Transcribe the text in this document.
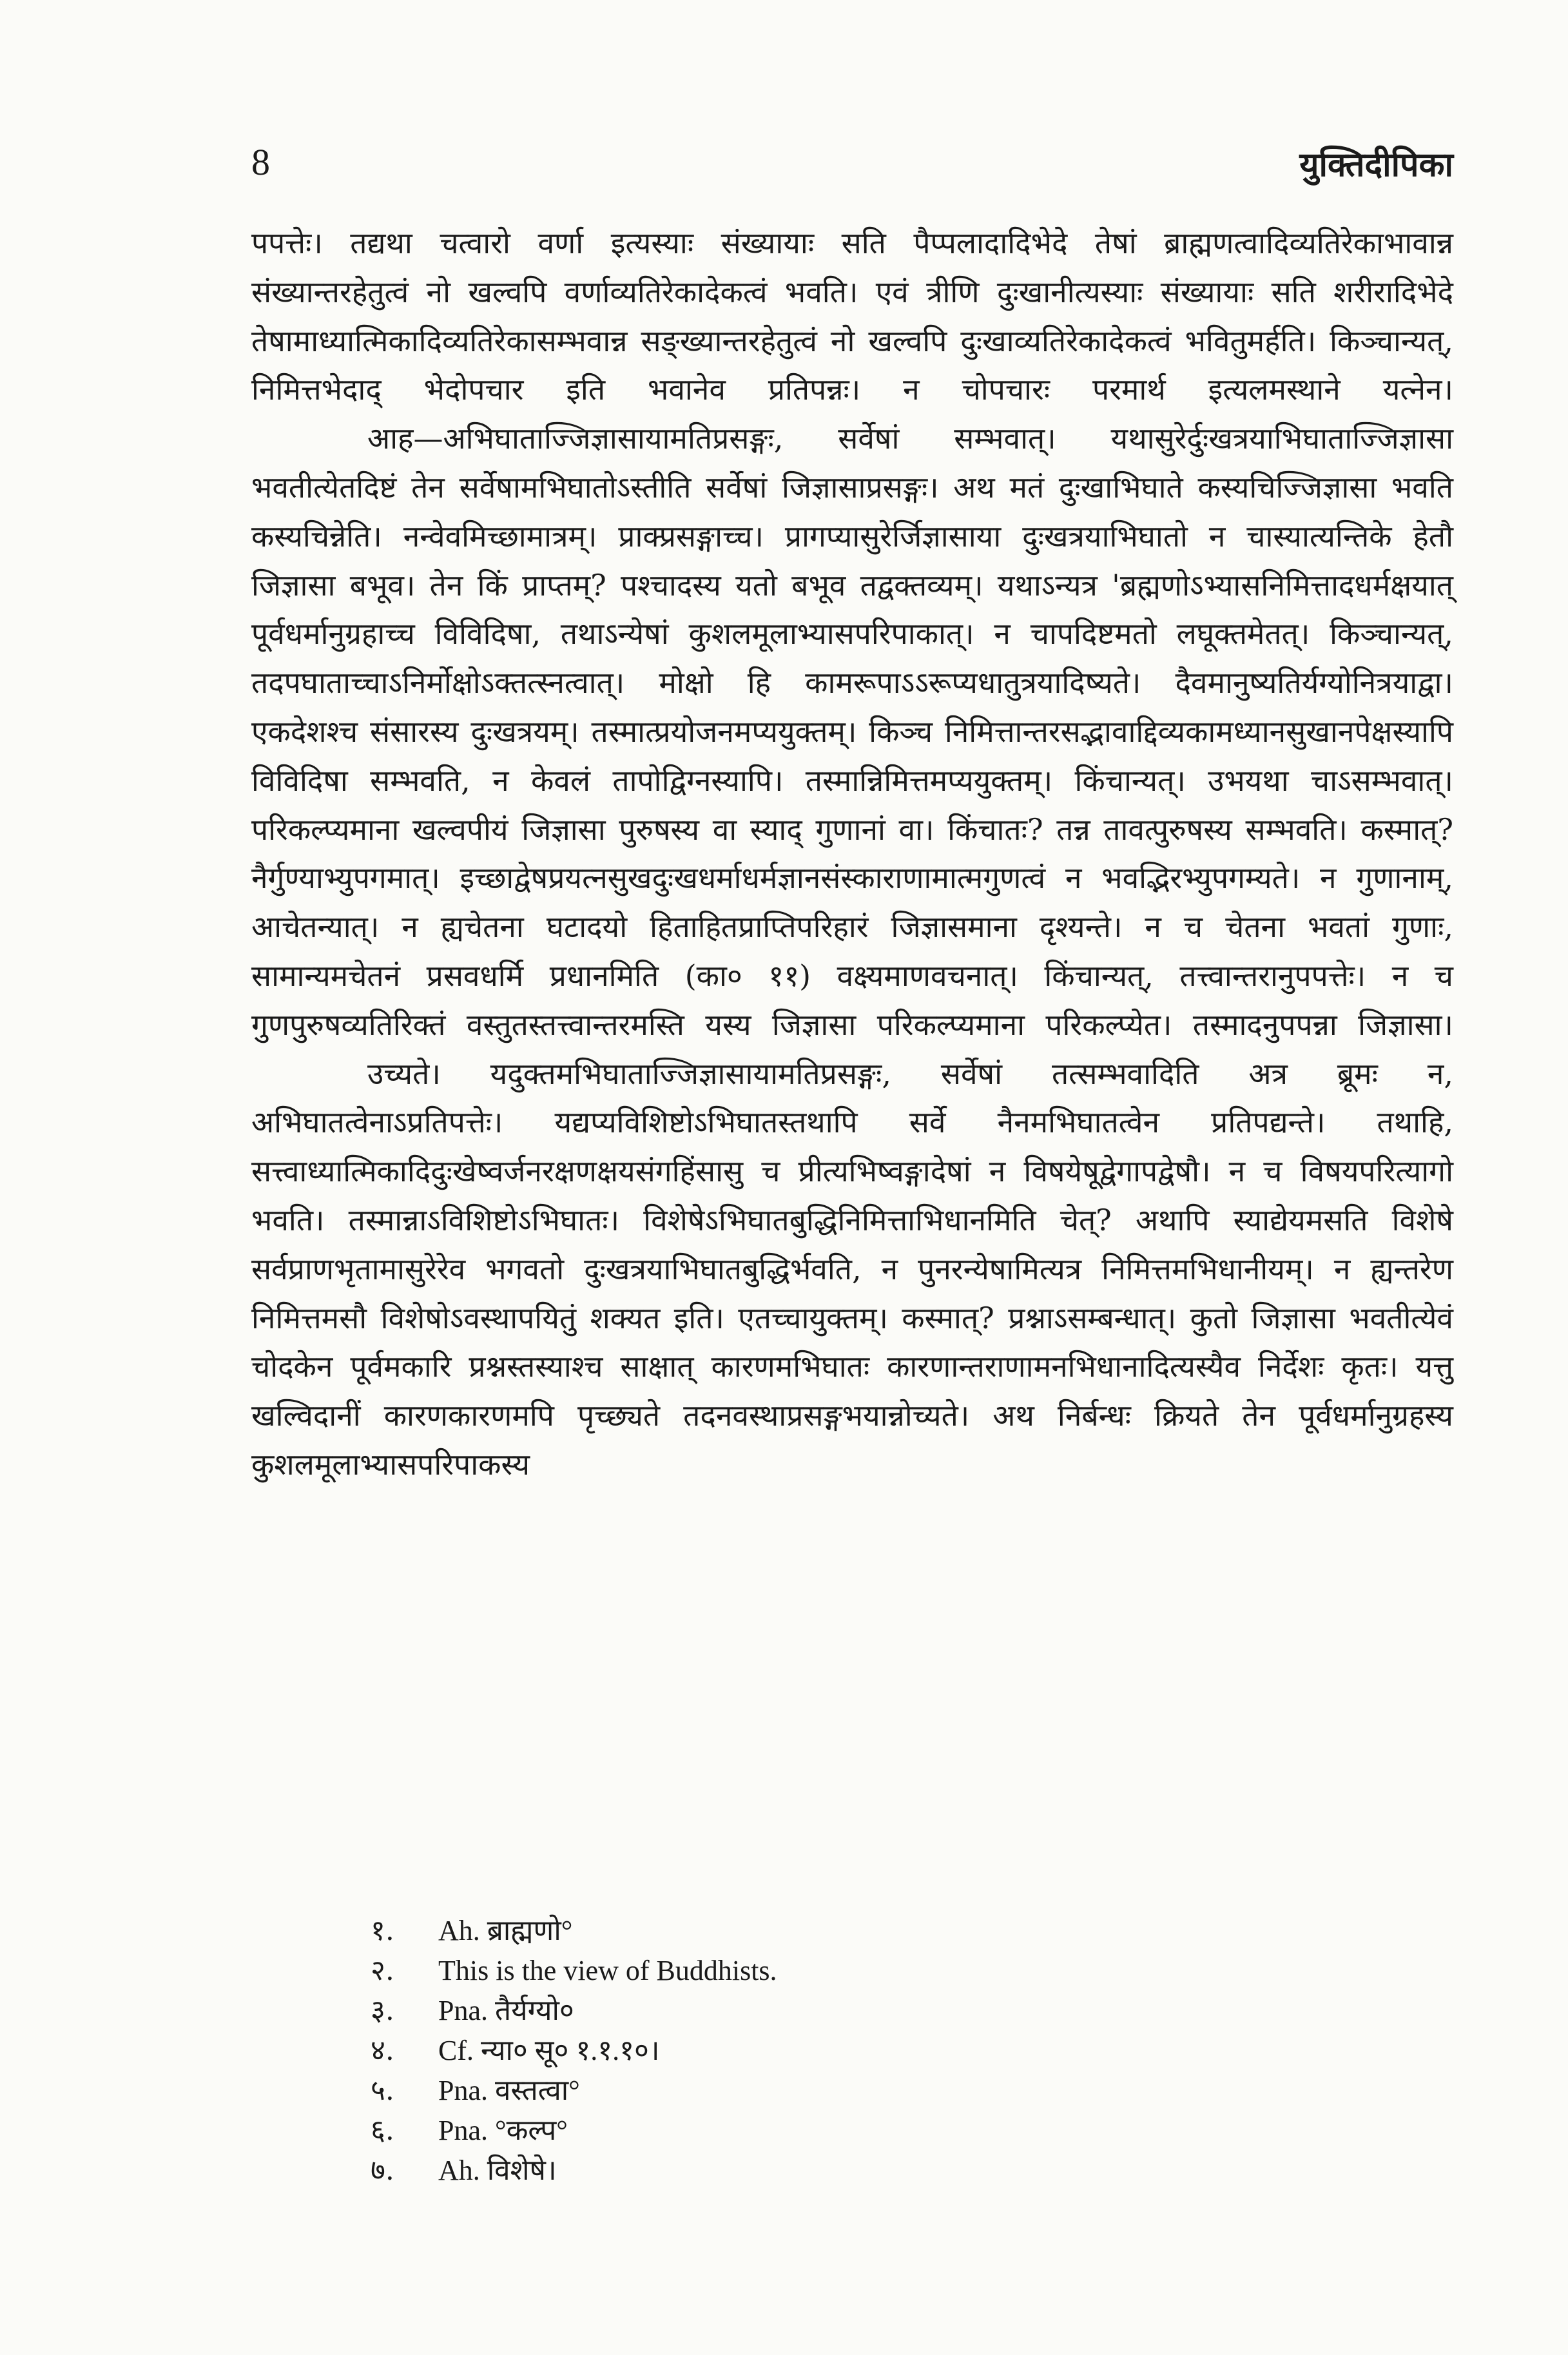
8	युक्तिदीपिका

पपत्तेः। तद्यथा चत्वारो वर्णा इत्यस्याः संख्यायाः सति पैप्पलादादिभेदे तेषां ब्राह्मणत्वादिव्यतिरेकाभावान्न संख्यान्तरहेतुत्वं नो खल्वपि वर्णाव्यतिरेकादेकत्वं भवति। एवं त्रीणि दुःखानीत्यस्याः संख्यायाः सति शरीरादिभेदे तेषामाध्यात्मिकादिव्यतिरेकासम्भवान्न सङ्ख्यान्तरहेतुत्वं नो खल्वपि दुःखाव्यतिरेकादेकत्वं भवितुमर्हति। किञ्चान्यत्, निमित्तभेदाद् भेदोपचार इति भवानेव प्रतिपन्नः। न चोपचारः परमार्थ इत्यलमस्थाने यत्नेन।

आह—अभिघाताज्जिज्ञासायामतिप्रसङ्गः, सर्वेषां सम्भवात्। यथासुरेर्दुःखत्रयाभिघाताज्जिज्ञासा भवतीत्येतदिष्टं तेन सर्वेषामभिघातोऽस्तीति सर्वेषां जिज्ञासाप्रसङ्गः। अथ मतं दुःखाभिघाते कस्यचिज्जिज्ञासा भवति कस्यचिन्नेति। नन्वेवमिच्छामात्रम्। प्राक्प्रसङ्गाच्च। प्रागप्यासुरेर्जिज्ञासाया दुःखत्रयाभिघातो न चास्यात्यन्तिके हेतौ जिज्ञासा बभूव। तेन किं प्राप्तम्? पश्चादस्य यतो बभूव तद्वक्तव्यम्। यथाऽन्यत्र 'ब्रह्मणोऽभ्यासनिमित्तादधर्मक्षयात् पूर्वधर्मानुग्रहाच्च विविदिषा, तथाऽन्येषां कुशलमूलाभ्यासपरिपाकात्। न चापदिष्टमतो लघूक्तमेतत्। किञ्चान्यत्, तदपघाताच्चाऽनिर्मोक्षोऽक्तत्स्नत्वात्। मोक्षो हि कामरूपाऽऽरूप्यधातुत्रयादिष्यते। दैवमानुष्यतिर्यग्योनित्रयाद्वा। एकदेशश्च संसारस्य दुःखत्रयम्। तस्मात्प्रयोजनमप्ययुक्तम्। किञ्च निमित्तान्तरसद्भावाद्दिव्यकामध्यानसुखानपेक्षस्यापि विविदिषा सम्भवति, न केवलं तापोद्विग्नस्यापि। तस्मान्निमित्तमप्ययुक्तम्। किंचान्यत्। उभयथा चाऽसम्भवात्। परिकल्प्यमाना खल्वपीयं जिज्ञासा पुरुषस्य वा स्याद् गुणानां वा। किंचातः? तन्न तावत्पुरुषस्य सम्भवति। कस्मात्? नैर्गुण्याभ्युपगमात्। इच्छाद्वेषप्रयत्नसुखदुःखधर्माधर्मज्ञानसंस्काराणामात्मगुणत्वं न भवद्भिरभ्युपगम्यते। न गुणानाम्, आचेतन्यात्। न ह्यचेतना घटादयो हिताहितप्राप्तिपरिहारं जिज्ञासमाना दृश्यन्ते। न च चेतना भवतां गुणाः, सामान्यमचेतनं प्रसवधर्मि प्रधानमिति (का० ११) वक्ष्यमाणवचनात्। किंचान्यत्, तत्त्वान्तरानुपपत्तेः। न च गुणपुरुषव्यतिरिक्तं वस्तुतस्तत्त्वान्तरमस्ति यस्य जिज्ञासा परिकल्प्यमाना परिकल्प्येत। तस्मादनुपपन्ना जिज्ञासा।

उच्यते। यदुक्तमभिघाताज्जिज्ञासायामतिप्रसङ्गः, सर्वेषां तत्सम्भवादिति अत्र ब्रूमः न, अभिघातत्वेनाऽप्रतिपत्तेः। यद्यप्यविशिष्टोऽभिघातस्तथापि सर्वे नैनमभिघातत्वेन प्रतिपद्यन्ते। तथाहि, सत्त्वाध्यात्मिकादिदुःखेष्वर्जनरक्षणक्षयसंगहिंसासु च प्रीत्यभिष्वङ्गादेषां न विषयेषूद्वेगापद्वेषौ। न च विषयपरित्यागो भवति। तस्मान्नाऽविशिष्टोऽभिघातः। विशेषेऽभिघातबुद्धिनिमित्ताभिधानमिति चेत्? अथापि स्याद्येयमसति विशेषे सर्वप्राणभृतामासुरेरेव भगवतो दुःखत्रयाभिघातबुद्धिर्भवति, न पुनरन्येषामित्यत्र निमित्तमभिधानीयम्। न ह्यन्तरेण निमित्तमसौ विशेषोऽवस्थापयितुं शक्यत इति। एतच्चायुक्तम्। कस्मात्? प्रश्नाऽसम्बन्धात्। कुतो जिज्ञासा भवतीत्येवं चोदकेन पूर्वमकारि प्रश्नस्तस्याश्च साक्षात् कारणमभिघातः कारणान्तराणामनभिधानादित्यस्यैव निर्देशः कृतः। यत्तु खल्विदानीं कारणकारणमपि पृच्छ्यते तदनवस्थाप्रसङ्गभयान्नोच्यते। अथ निर्बन्धः क्रियते तेन पूर्वधर्मानुग्रहस्य कुशलमूलाभ्यासपरिपाकस्य

१.	Ah. ब्राह्मणो°
२.	This is the view of Buddhists.
३.	Pna. तैर्यग्यो०
४.	Cf. न्या० सू० १.१.१०।
५.	Pna. वस्तत्वा°
६.	Pna. °कल्प°
७.	Ah. विशेषे।
